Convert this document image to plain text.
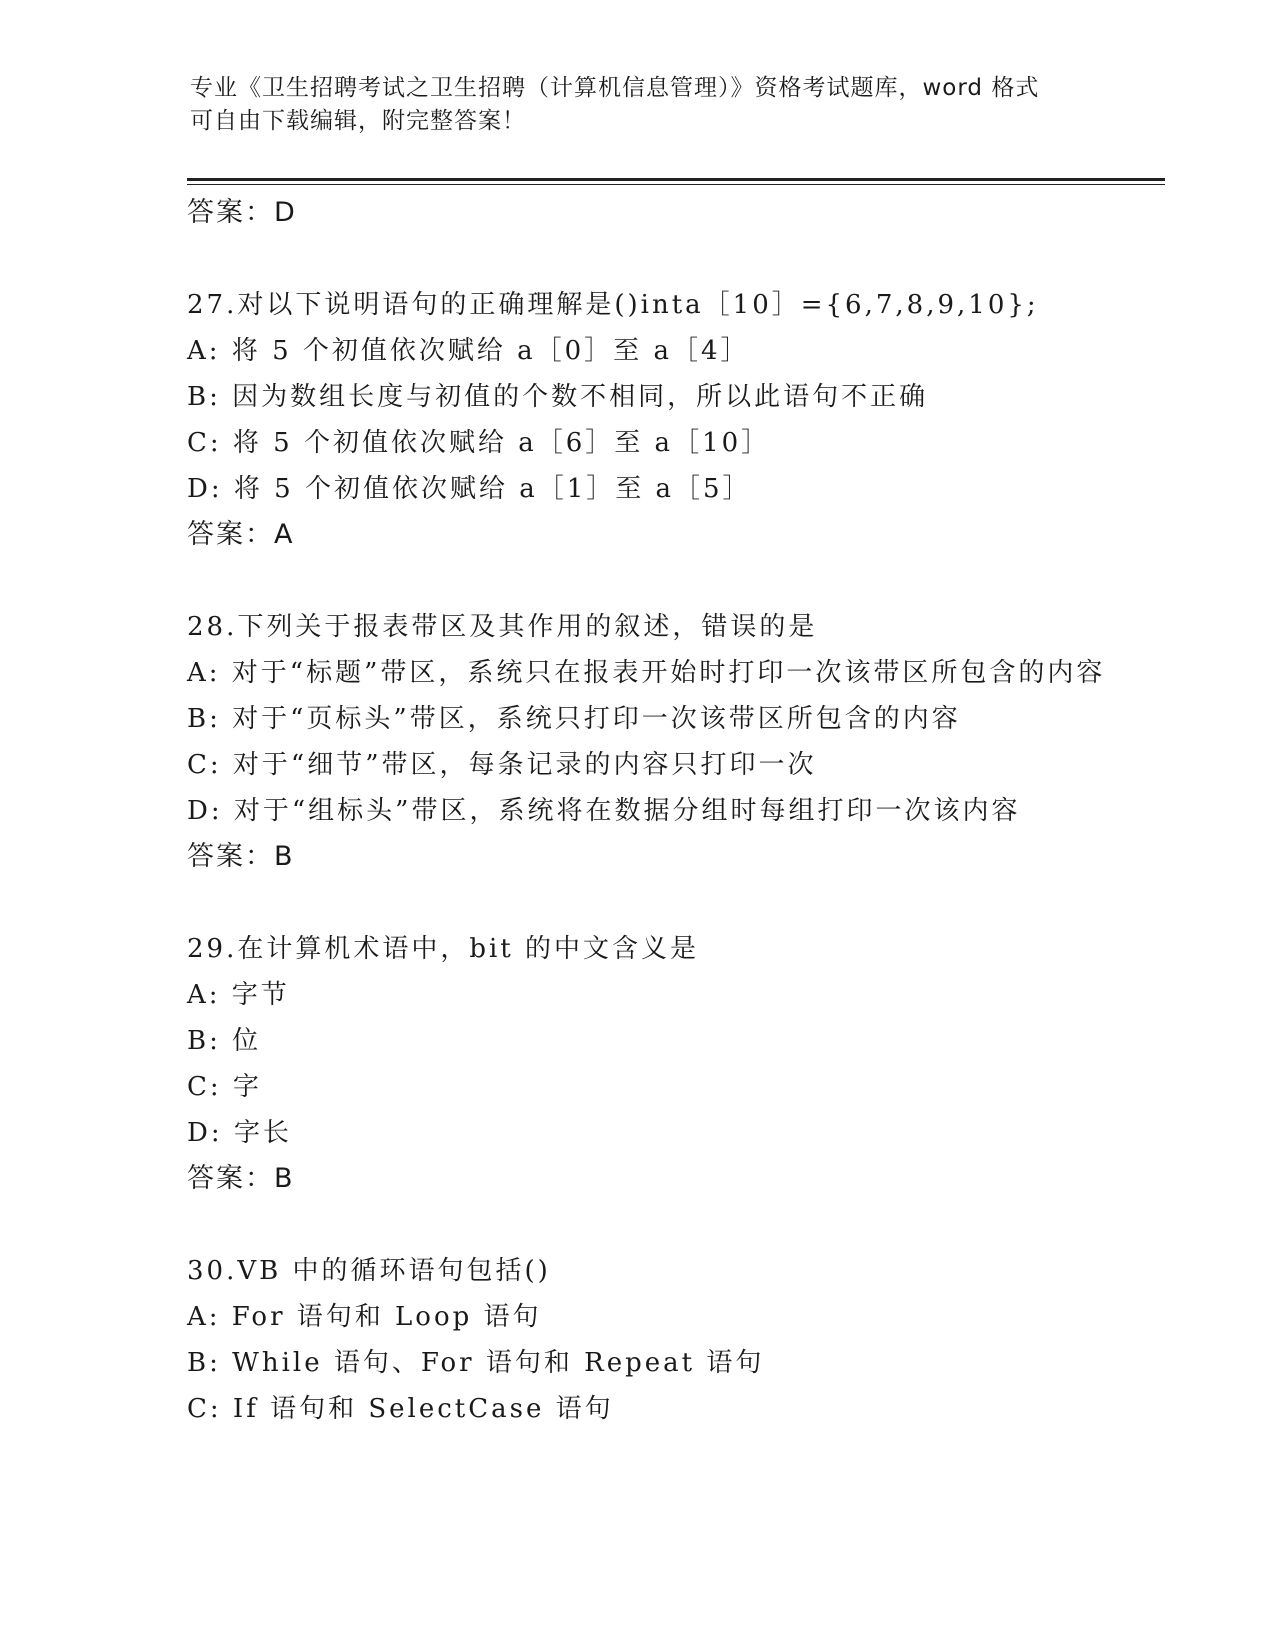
专业《卫生招聘考试之卫生招聘（计算机信息管理）》资格考试题库，word 格式
可自由下载编辑，附完整答案！
答案：D
27.对以下说明语句的正确理解是()inta［10］={6,7,8,9,10};
A: 将 5 个初值依次赋给 a［0］至 a［4］
B: 因为数组长度与初值的个数不相同，所以此语句不正确
C: 将 5 个初值依次赋给 a［6］至 a［10］
D: 将 5 个初值依次赋给 a［1］至 a［5］
答案：A
28.下列关于报表带区及其作用的叙述，错误的是
A: 对于“标题”带区，系统只在报表开始时打印一次该带区所包含的内容
B: 对于“页标头”带区，系统只打印一次该带区所包含的内容
C: 对于“细节”带区，每条记录的内容只打印一次
D: 对于“组标头”带区，系统将在数据分组时每组打印一次该内容
答案：B
29.在计算机术语中，bit 的中文含义是
A: 字节
B: 位
C: 字
D: 字长
答案：B
30.VB 中的循环语句包括()
A: For 语句和 Loop 语句
B: While 语句、For 语句和 Repeat 语句
C: If 语句和 SelectCase 语句
